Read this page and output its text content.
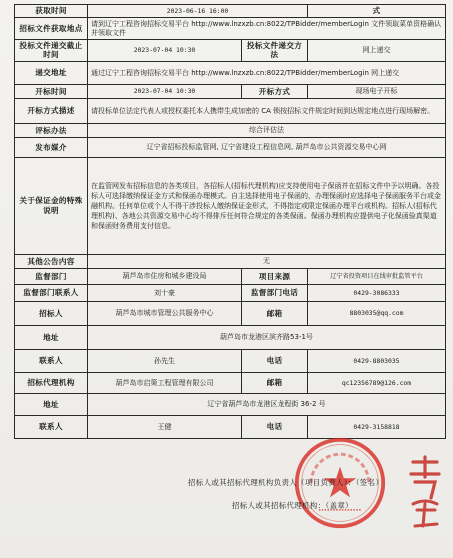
获取时间	2023-06-16 16:00		式
招标文件获取地点	请到辽宁工程咨询招标交易平台 http://www.lnzxzb.cn:8022/TPBidder/memberLogin 文件领取菜单资格确认并领取文件		
投标文件递交截止时间	2023-07-04 10:30	投标文件递交方法	网上递交
递交地址	通过辽宁工程咨询招标交易平台 http://www.lnzxzb.cn:8022/TPBidder/memberLogin 网上递交		
开标时间	2023-07-04 10:30	开标方式	现场电子开标
开标方式描述	请投标单位法定代表人或授权委托本人携带生成加密的 CA 锁按招标文件规定时间到达规定地点进行现场解密。		
评标办法	综合评估法		
发布媒介	辽宁省招标投标监管网, 辽宁省建设工程信息网, 葫芦岛市公共资源交易中心网		
关于保证金的特殊说明	在监管网发布招标信息的各类项目，各招标人(招标代理机构)应支持使用电子保函并在招标文件中予以明确。各投标人可选择缴纳保证金方式和保函办理模式。自主选择使用电子保函的，办理保函时应选择电子保函服务平台或金融机构。任何单位或个人不得干涉投标人缴纳保证金形式，不得指定或限定保函办理平台或机构。招标人(招标代理机构)、各地公共资源交易中心均不得排斥任何符合规定的各类保函。保函办理机构应提供电子化保函验真渠道和保函财务费用支付信息。		
其他公告内容	无		
监督部门	葫芦岛市住房和城乡建设局	项目来源	辽宁省投资项目在线审批监管平台
监督部门联系人	刘十豪	监督部门电话	0429-3086333
招标人	葫芦岛市城市管理公共服务中心	邮箱	8803035@qq.com
地址	葫芦岛市龙港区滨齐路53-1号		
联系人	孙先生	电话	0429-8803035
招标代理机构	葫芦岛市启策工程管理有限公司	邮箱	qc12356789@126.com
地址	辽宁省葫芦岛市龙港区龙程街 36-2 号		
联系人	王健	电话	0429-3158818
招标人或其招标代理机构负责人（项目负责人）：（签名）
招标人或其招标代理机构：（盖章）
